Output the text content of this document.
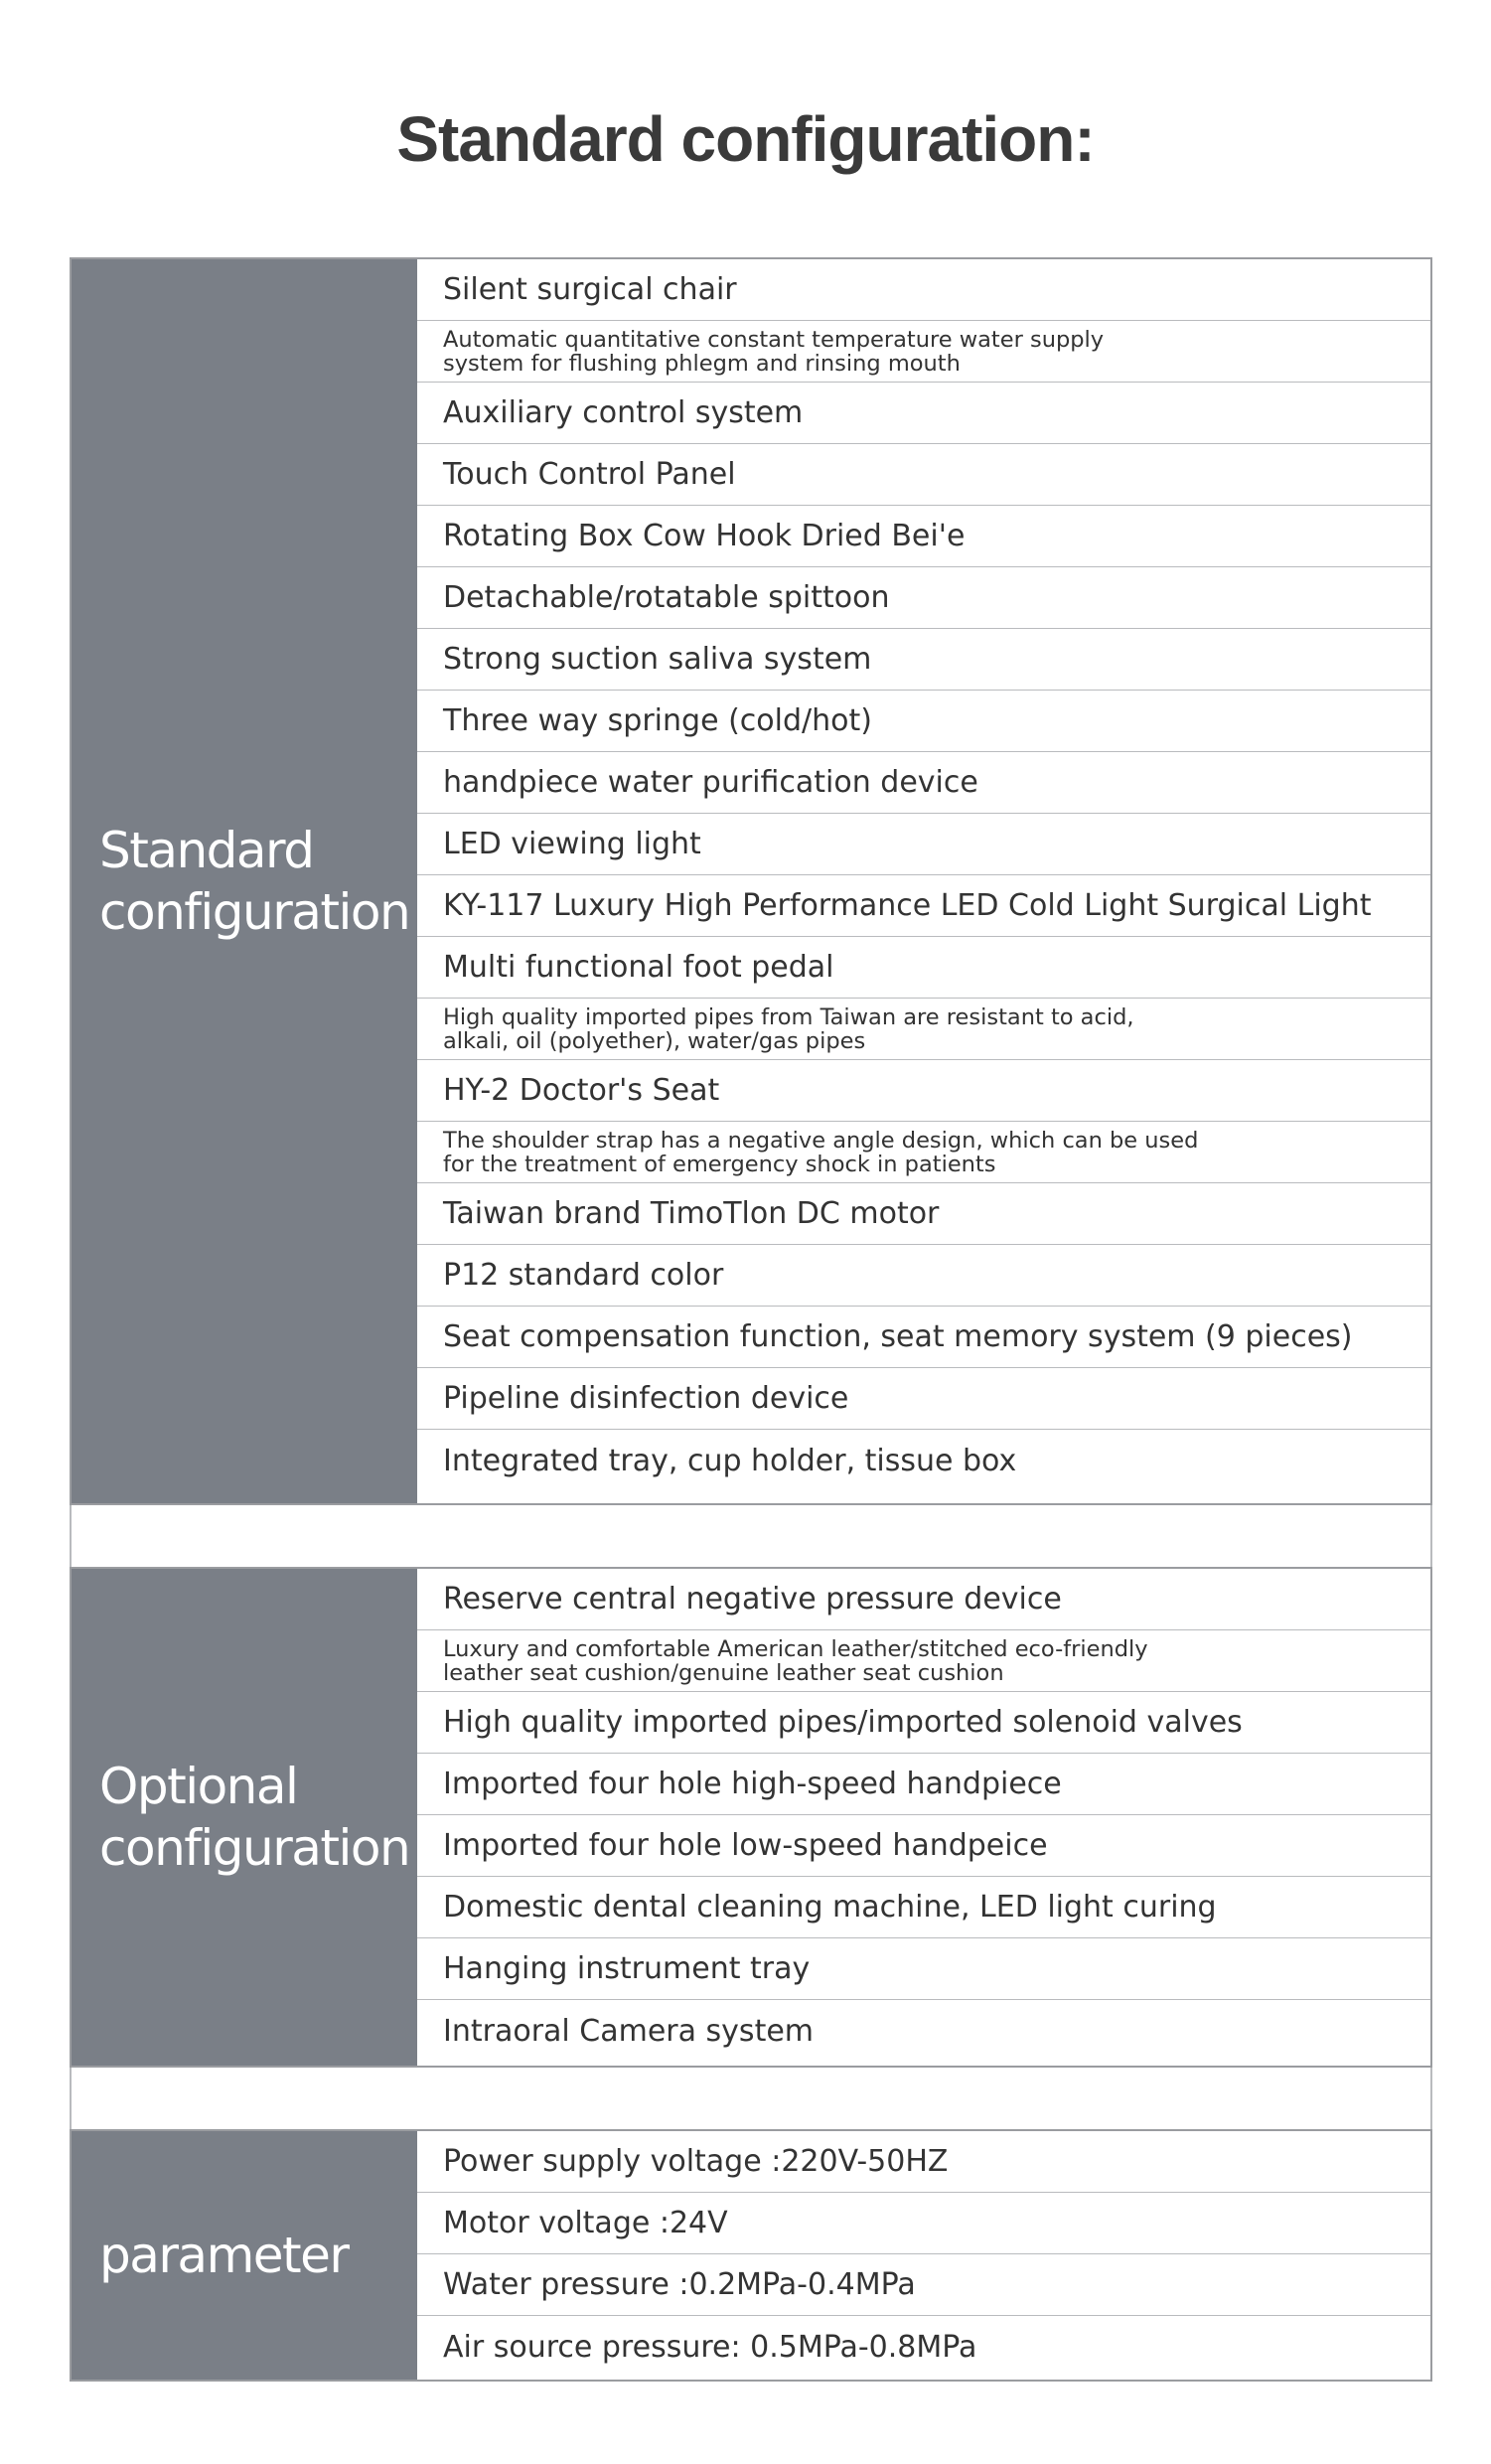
Standard configuration:
Standard
configuration
Silent surgical chair
Automatic quantitative constant temperature water supply
system for flushing phlegm and rinsing mouth
Auxiliary control system
Touch Control Panel
Rotating Box Cow Hook Dried Bei'e
Detachable/rotatable spittoon
Strong suction saliva system
Three way springe (cold/hot)
handpiece water purification device
LED viewing light
KY-117 Luxury High Performance LED Cold Light Surgical Light
Multi functional foot pedal
High quality imported pipes from Taiwan are resistant to acid,
alkali, oil (polyether), water/gas pipes
HY-2 Doctor's Seat
The shoulder strap has a negative angle design, which can be used
for the treatment of emergency shock in patients
Taiwan brand TimoTlon DC motor
P12 standard color
Seat compensation function, seat memory system (9 pieces)
Pipeline disinfection device
Integrated tray, cup holder, tissue box
Optional
configuration
Reserve central negative pressure device
Luxury and comfortable American leather/stitched eco-friendly
leather seat cushion/genuine leather seat cushion
High quality imported pipes/imported solenoid valves
Imported four hole high-speed handpiece
Imported four hole low-speed handpeice
Domestic dental cleaning machine, LED light curing
Hanging instrument tray
Intraoral Camera system
parameter
Power supply voltage :220V-50HZ
Motor voltage :24V
Water pressure :0.2MPa-0.4MPa
Air source pressure: 0.5MPa-0.8MPa
